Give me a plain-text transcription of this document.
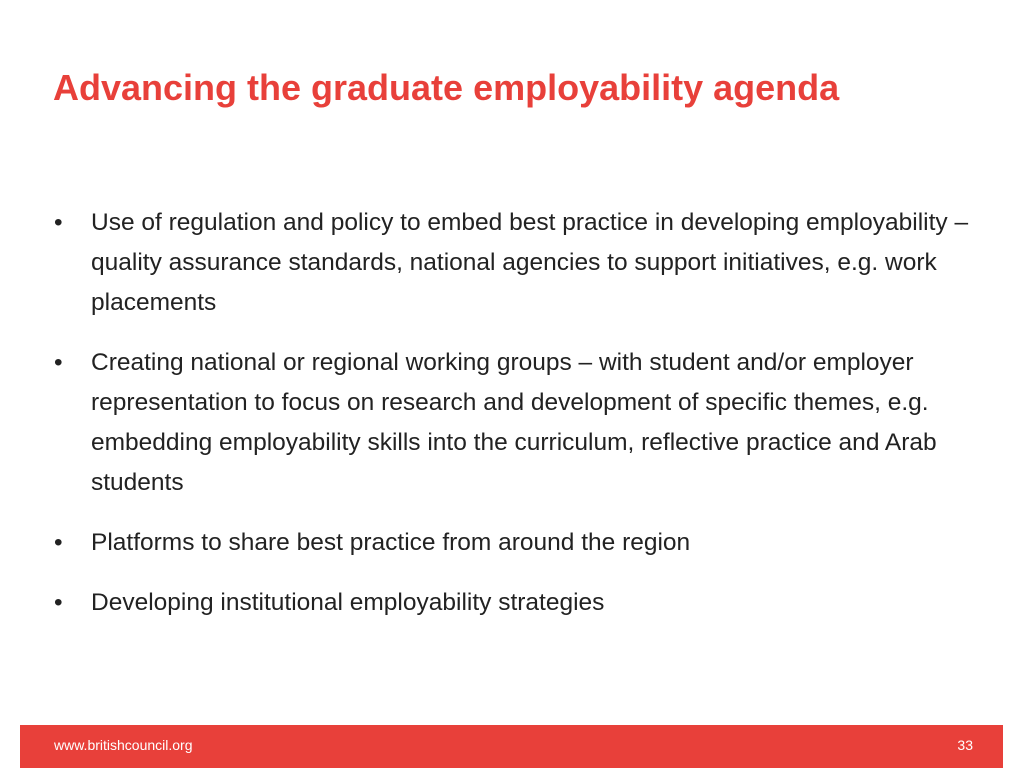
Advancing the graduate employability agenda
• Use of regulation and policy to embed best practice in developing employability – quality assurance standards, national agencies to support initiatives, e.g. work placements
• Creating national or regional working groups – with student and/or employer representation to focus on research and development of specific themes, e.g. embedding employability skills into the curriculum, reflective practice and Arab students
• Platforms to share best practice from around the region
• Developing institutional employability strategies
www.britishcouncil.org	33
